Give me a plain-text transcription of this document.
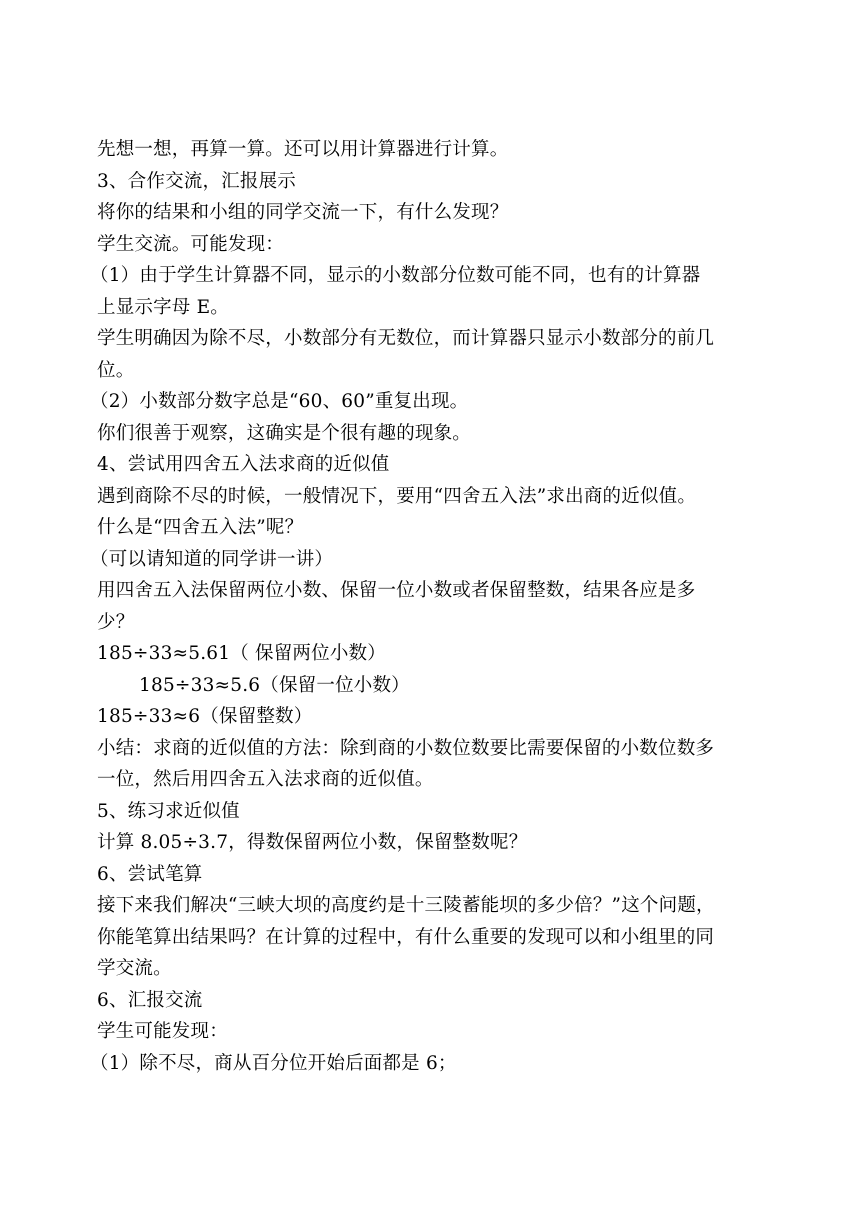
先想一想，再算一算。还可以用计算器进行计算。
3、合作交流，汇报展示
将你的结果和小组的同学交流一下，有什么发现？
学生交流。可能发现：
（1）由于学生计算器不同，显示的小数部分位数可能不同，也有的计算器
上显示字母 E。
学生明确因为除不尽，小数部分有无数位，而计算器只显示小数部分的前几
位。
（2）小数部分数字总是“60、60”重复出现。
你们很善于观察，这确实是个很有趣的现象。
4、尝试用四舍五入法求商的近似值
遇到商除不尽的时候，一般情况下，要用“四舍五入法”求出商的近似值。
什么是“四舍五入法”呢？
（可以请知道的同学讲一讲）
用四舍五入法保留两位小数、保留一位小数或者保留整数，结果各应是多
少？
185÷33≈5.61（ 保留两位小数）
185÷33≈5.6（保留一位小数）
185÷33≈6（保留整数）
小结：求商的近似值的方法：除到商的小数位数要比需要保留的小数位数多
一位，然后用四舍五入法求商的近似值。
5、练习求近似值
计算 8.05÷3.7，得数保留两位小数，保留整数呢？
6、尝试笔算
接下来我们解决“三峡大坝的高度约是十三陵蓄能坝的多少倍？”这个问题，
你能笔算出结果吗？在计算的过程中，有什么重要的发现可以和小组里的同
学交流。
6、汇报交流
学生可能发现：
（1）除不尽，商从百分位开始后面都是 6；
